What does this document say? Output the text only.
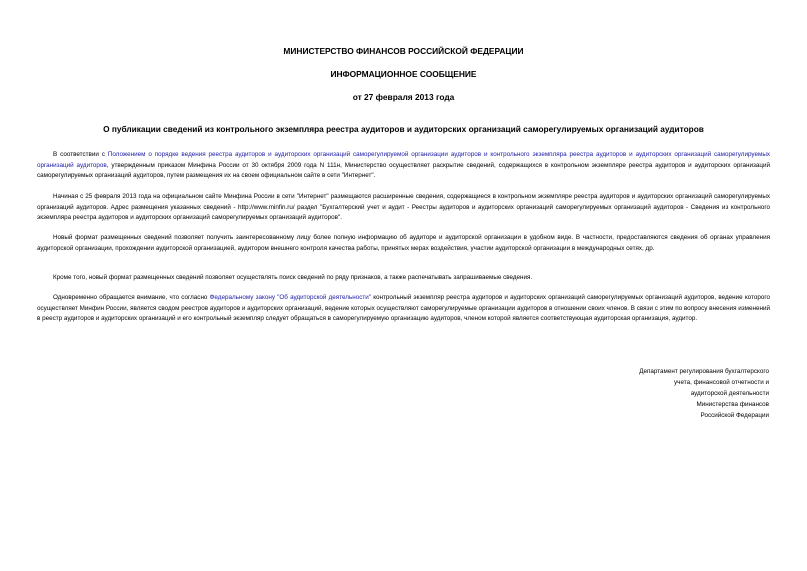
МИНИСТЕРСТВО ФИНАНСОВ РОССИЙСКОЙ ФЕДЕРАЦИИ
ИНФОРМАЦИОННОЕ СООБЩЕНИЕ
от 27 февраля 2013 года
О публикации сведений из контрольного экземпляра реестра аудиторов и аудиторских организаций саморегулируемых организаций аудиторов

В соответствии с Положением о порядке ведения реестра аудиторов и аудиторских организаций саморегулируемой организации аудиторов и контрольного экземпляра реестра аудиторов и аудиторских организаций саморегулируемых организаций аудиторов, утвержденным приказом Минфина России от 30 октября 2009 года N 111н, Министерство осуществляет раскрытие сведений, содержащихся в контрольном экземпляре реестра аудиторов и аудиторских организаций саморегулируемых организаций аудиторов, путем размещения их на своем официальном сайте в сети "Интернет".

Начиная с 25 февраля 2013 года на официальном сайте Минфина России в сети "Интернет" размещаются расширенные сведения, содержащиеся в контрольном экземпляре реестра аудиторов и аудиторских организаций саморегулируемых организаций аудиторов. Адрес размещения указанных сведений - http://www.minfin.ru/ раздел "Бухгалтерский учет и аудит - Реестры аудиторов и аудиторских организаций саморегулируемых организаций аудиторов - Сведения из контрольного экземпляра реестра аудиторов и аудиторских организаций саморегулируемых организаций аудиторов".

Новый формат размещенных сведений позволяет получить заинтересованному лицу более полную информацию об аудиторе и аудиторской организации в удобном виде. В частности, предоставляются сведения об органах управления аудиторской организации, прохождении аудиторской организацией, аудитором внешнего контроля качества работы, принятых мерах воздействия, участии аудиторской организации в международных сетях, др.

Кроме того, новый формат размещенных сведений позволяет осуществлять поиск сведений по ряду признаков, а также распечатывать запрашиваемые сведения.

Одновременно обращается внимание, что согласно Федеральному закону "Об аудиторской деятельности" контрольный экземпляр реестра аудиторов и аудиторских организаций саморегулируемых организаций аудиторов, ведение которого осуществляет Минфин России, является сводом реестров аудиторов и аудиторских организаций, ведение которых осуществляют саморегулируемые организации аудиторов в отношении своих членов. В связи с этим по вопросу внесения изменений в реестр аудиторов и аудиторских организаций и его контрольный экземпляр следует обращаться в саморегулируемую организацию аудиторов, членом которой является соответствующая аудиторская организация, аудитор.

Департамент регулирования бухгалтерского
учета, финансовой отчетности и
аудиторской деятельности
Министерства финансов
Российской Федерации
